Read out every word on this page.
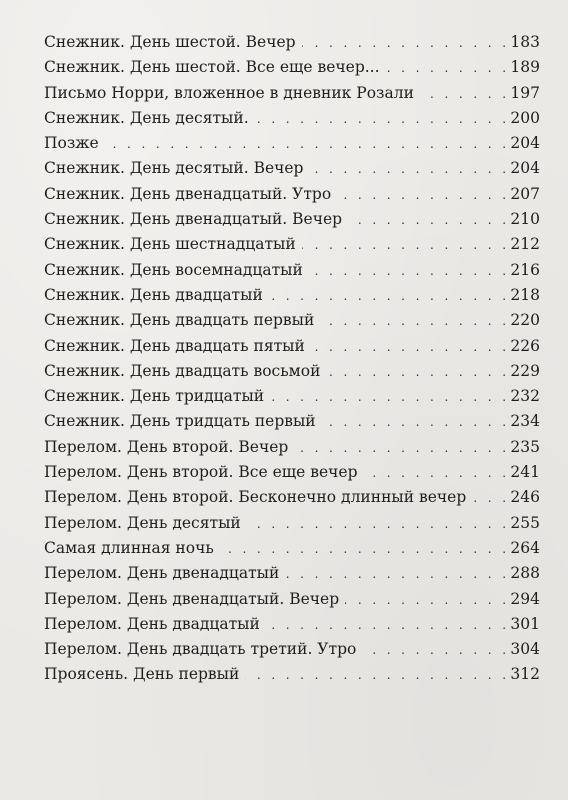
Снежник. День шестой. Вечер . . .	183
Снежник. День шестой. Все еще вечер... . . .	189
Письмо Норри, вложенное в дневник Розали . . .	197
Снежник. День десятый. . . .	200
Позже . . .	204
Снежник. День десятый. Вечер . . .	204
Снежник. День двенадцатый. Утро . . .	207
Снежник. День двенадцатый. Вечер . . .	210
Снежник. День шестнадцатый . . .	212
Снежник. День восемнадцатый . . .	216
Снежник. День двадцатый . . .	218
Снежник. День двадцать первый . . .	220
Снежник. День двадцать пятый . . .	226
Снежник. День двадцать восьмой . . .	229
Снежник. День тридцатый . . .	232
Снежник. День тридцать первый . . .	234
Перелом. День второй. Вечер . . .	235
Перелом. День второй. Все еще вечер . . .	241
Перелом. День второй. Бесконечно длинный вечер . . .	246
Перелом. День десятый . . .	255
Самая длинная ночь . . .	264
Перелом. День двенадцатый . . .	288
Перелом. День двенадцатый. Вечер . . .	294
Перелом. День двадцатый . . .	301
Перелом. День двадцать третий. Утро . . .	304
Проясень. День первый . . .	312
